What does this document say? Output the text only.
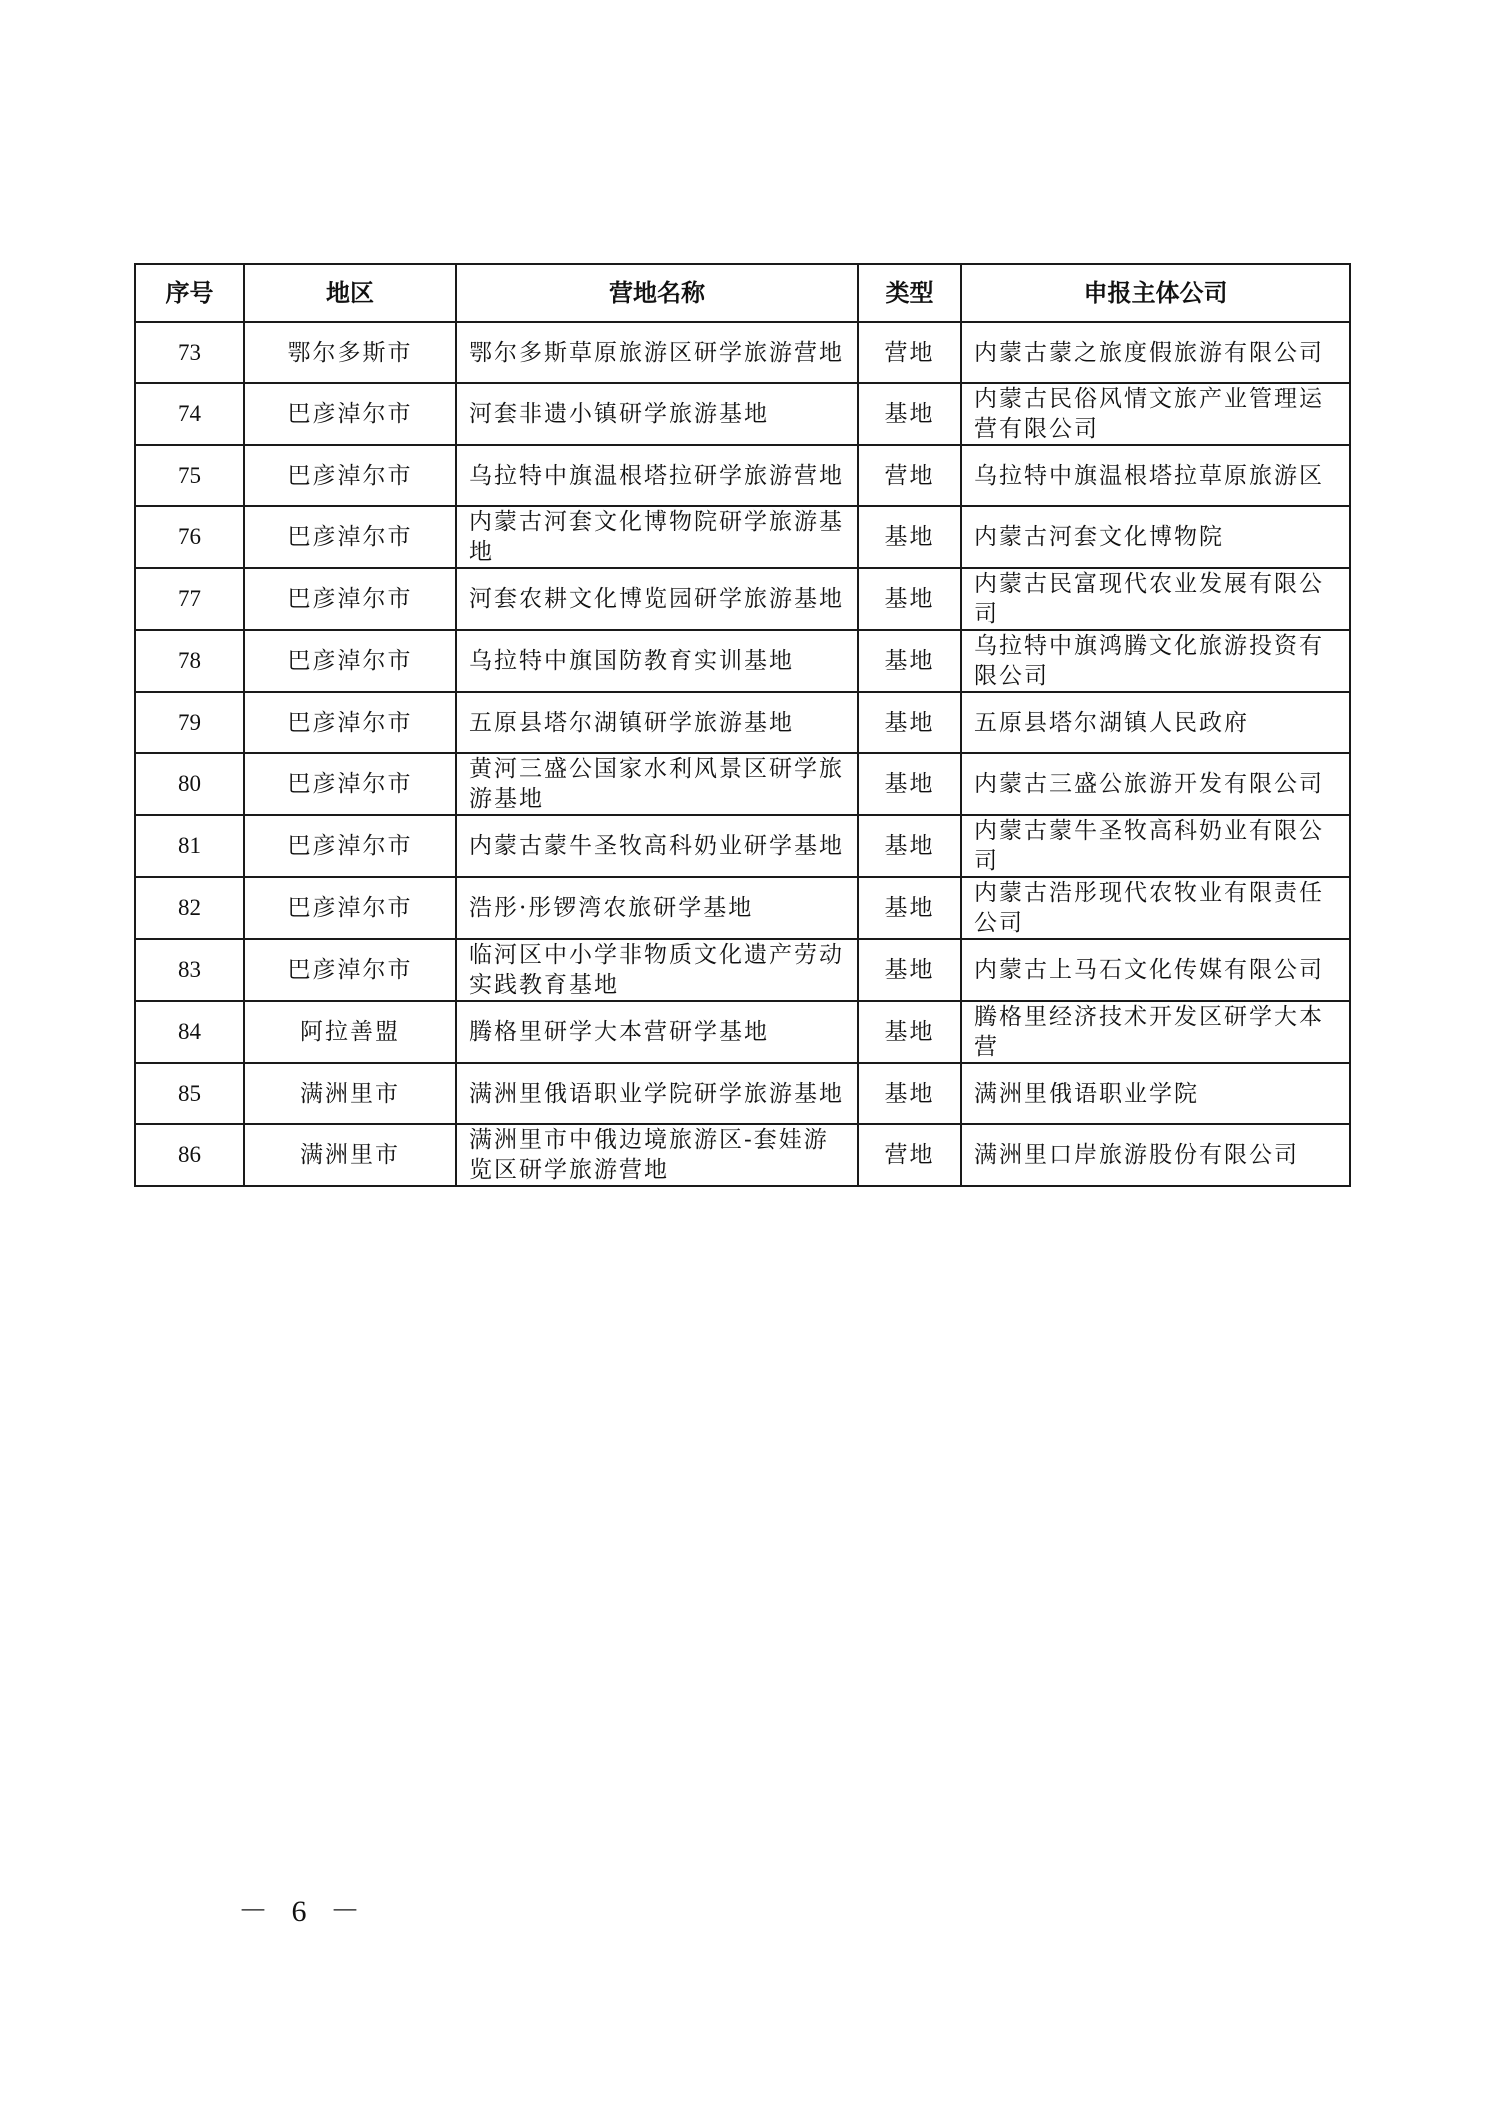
序号	地区	营地名称	类型	申报主体公司
73	鄂尔多斯市	鄂尔多斯草原旅游区研学旅游营地	营地	内蒙古蒙之旅度假旅游有限公司
74	巴彦淖尔市	河套非遗小镇研学旅游基地	基地	内蒙古民俗风情文旅产业管理运营有限公司
75	巴彦淖尔市	乌拉特中旗温根塔拉研学旅游营地	营地	乌拉特中旗温根塔拉草原旅游区
76	巴彦淖尔市	内蒙古河套文化博物院研学旅游基地	基地	内蒙古河套文化博物院
77	巴彦淖尔市	河套农耕文化博览园研学旅游基地	基地	内蒙古民富现代农业发展有限公司
78	巴彦淖尔市	乌拉特中旗国防教育实训基地	基地	乌拉特中旗鸿腾文化旅游投资有限公司
79	巴彦淖尔市	五原县塔尔湖镇研学旅游基地	基地	五原县塔尔湖镇人民政府
80	巴彦淖尔市	黄河三盛公国家水利风景区研学旅游基地	基地	内蒙古三盛公旅游开发有限公司
81	巴彦淖尔市	内蒙古蒙牛圣牧高科奶业研学基地	基地	内蒙古蒙牛圣牧高科奶业有限公司
82	巴彦淖尔市	浩彤·彤锣湾农旅研学基地	基地	内蒙古浩彤现代农牧业有限责任公司
83	巴彦淖尔市	临河区中小学非物质文化遗产劳动实践教育基地	基地	内蒙古上马石文化传媒有限公司
84	阿拉善盟	腾格里研学大本营研学基地	基地	腾格里经济技术开发区研学大本营
85	满洲里市	满洲里俄语职业学院研学旅游基地	基地	满洲里俄语职业学院
86	满洲里市	满洲里市中俄边境旅游区-套娃游览区研学旅游营地	营地	满洲里口岸旅游股份有限公司
－ 6 －
